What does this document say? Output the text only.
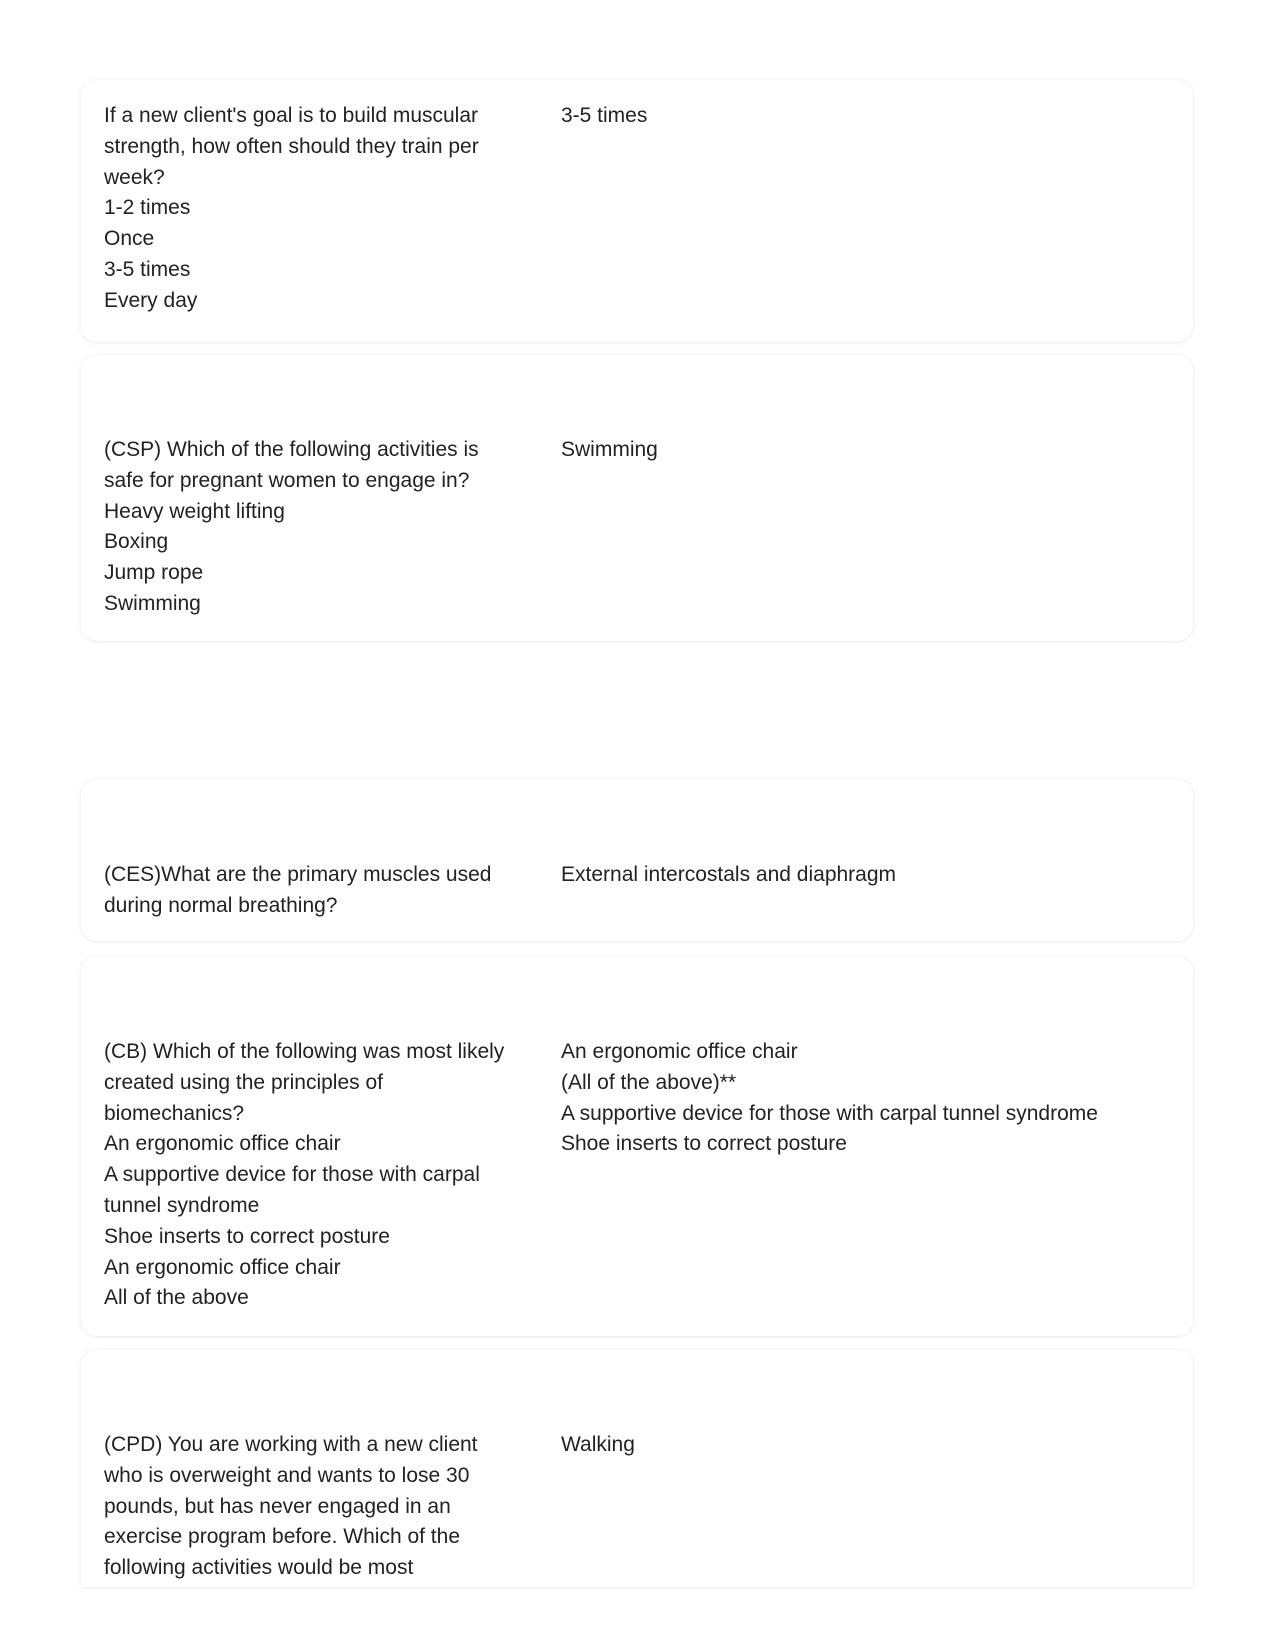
If a new client's goal is to build muscular strength, how often should they train per week?
1-2 times
Once
3-5 times
Every day
3-5 times
(CSP) Which of the following activities is safe for pregnant women to engage in?
Heavy weight lifting
Boxing
Jump rope
Swimming
Swimming
(CES)What are the primary muscles used during normal breathing?
External intercostals and diaphragm
(CB) Which of the following was most likely created using the principles of biomechanics?
An ergonomic office chair
A supportive device for those with carpal tunnel syndrome
Shoe inserts to correct posture
An ergonomic office chair
All of the above
An ergonomic office chair
(All of the above)**
A supportive device for those with carpal tunnel syndrome
Shoe inserts to correct posture
(CPD) You are working with a new client who is overweight and wants to lose 30 pounds, but has never engaged in an exercise program before. Which of the following activities would be most
Walking
